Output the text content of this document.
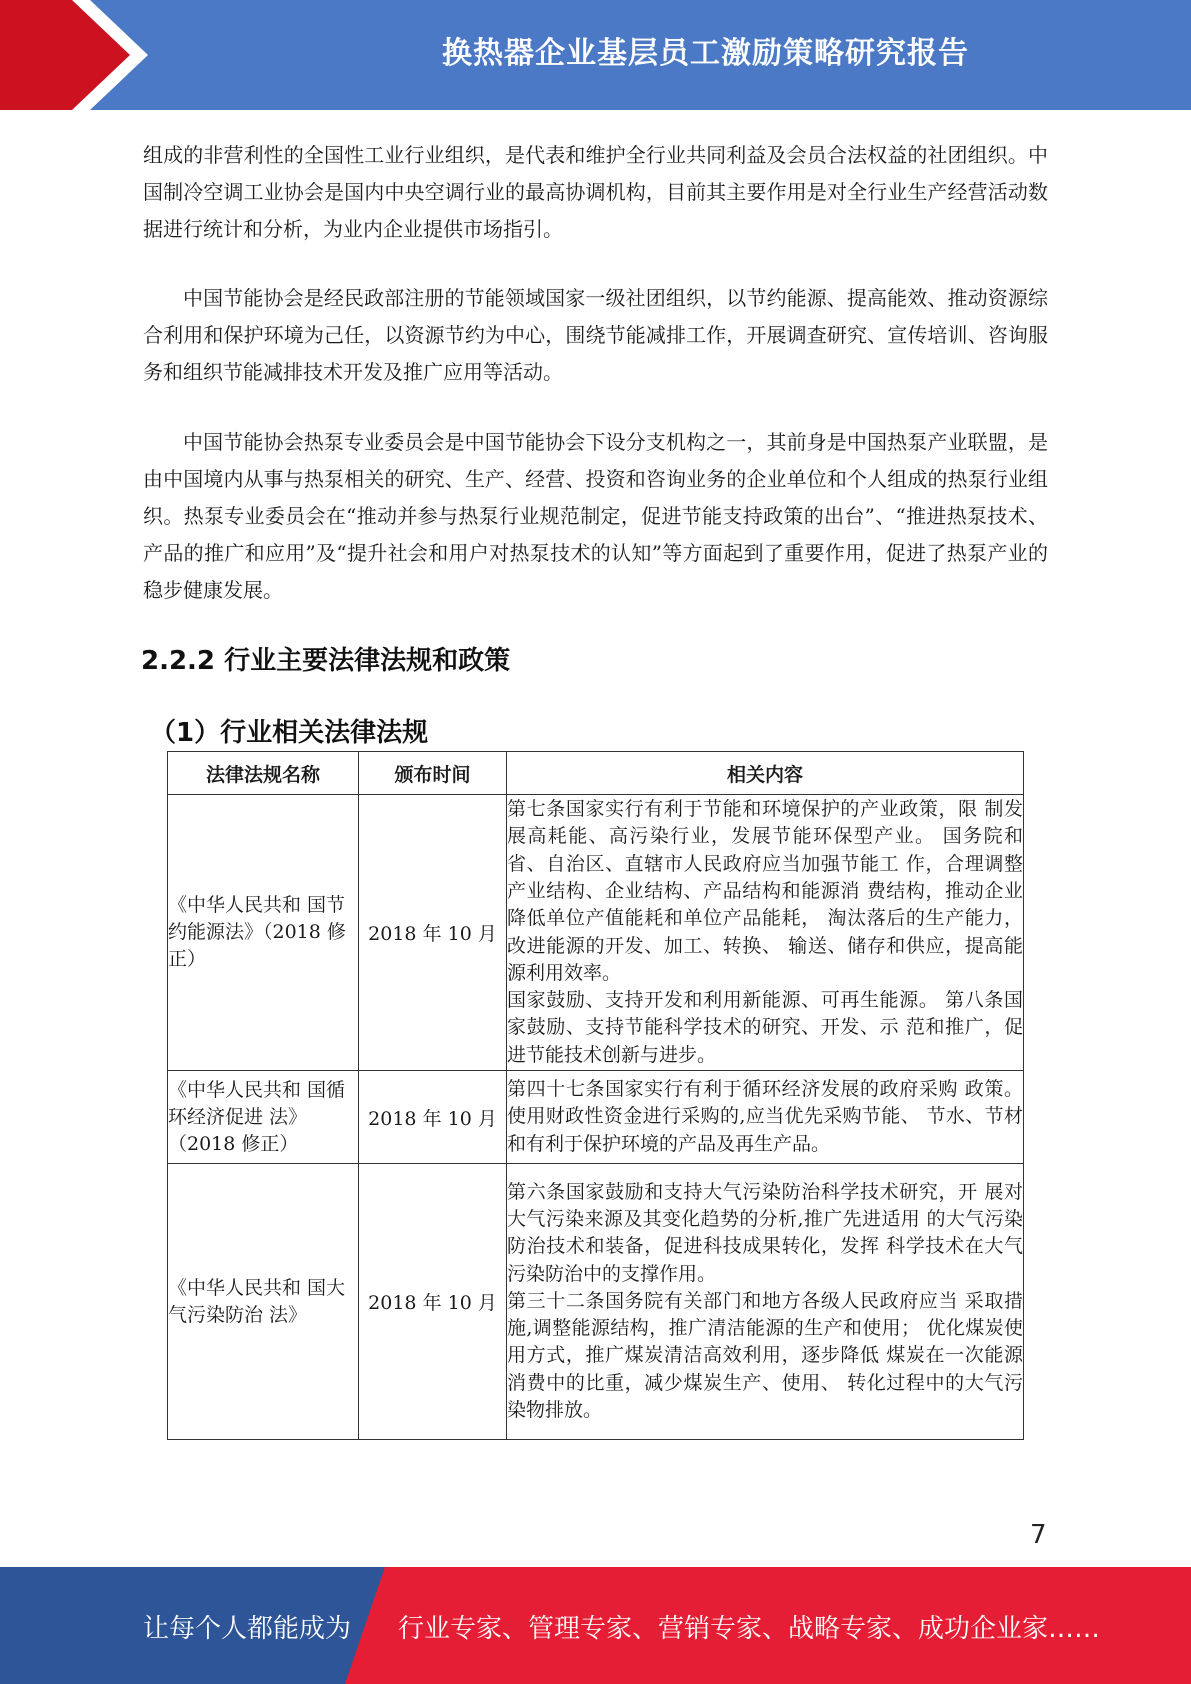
换热器企业基层员工激励策略研究报告

组成的非营利性的全国性工业行业组织，是代表和维护全行业共同利益及会员合法权益的社团组织。中国制冷空调工业协会是国内中央空调行业的最高协调机构，目前其主要作用是对全行业生产经营活动数据进行统计和分析，为业内企业提供市场指引。

中国节能协会是经民政部注册的节能领域国家一级社团组织，以节约能源、提高能效、推动资源综合利用和保护环境为己任，以资源节约为中心，围绕节能减排工作，开展调查研究、宣传培训、咨询服务和组织节能减排技术开发及推广应用等活动。

中国节能协会热泵专业委员会是中国节能协会下设分支机构之一，其前身是中国热泵产业联盟，是由中国境内从事与热泵相关的研究、生产、经营、投资和咨询业务的企业单位和个人组成的热泵行业组织。热泵专业委员会在“推动并参与热泵行业规范制定，促进节能支持政策的出台”、“推进热泵技术、产品的推广和应用”及“提升社会和用户对热泵技术的认知”等方面起到了重要作用，促进了热泵产业的稳步健康发展。

2.2.2 行业主要法律法规和政策
（1）行业相关法律法规
法律法规名称	颁布时间	相关内容
《中华人民共和 国节约能源法》（2018 修正）	2018 年 10 月	第七条国家实行有利于节能和环境保护的产业政策，限 制发展高耗能、高污染行业，发展节能环保型产业。 国务院和省、自治区、直辖市人民政府应当加强节能工 作，合理调整产业结构、企业结构、产品结构和能源消 费结构，推动企业降低单位产值能耗和单位产品能耗， 淘汰落后的生产能力，改进能源的开发、加工、转换、 输送、储存和供应，提高能源利用效率。

国家鼓励、支持开发和利用新能源、可再生能源。 第八条国家鼓励、支持节能科学技术的研究、开发、示 范和推广，促进节能技术创新与进步。

《中华人民共和 国循环经济促进 法》（2018 修正）	2018 年 10 月	第四十七条国家实行有利于循环经济发展的政府采购 政策。使用财政性资金进行采购的,应当优先采购节能、 节水、节材和有利于保护环境的产品及再生产品。

《中华人民共和 国大气污染防治 法》	2018 年 10 月	第六条国家鼓励和支持大气污染防治科学技术研究，开 展对大气污染来源及其变化趋势的分析,推广先进适用 的大气污染防治技术和装备，促进科技成果转化，发挥 科学技术在大气污染防治中的支撑作用。

第三十二条国务院有关部门和地方各级人民政府应当 采取措施,调整能源结构，推广清洁能源的生产和使用； 优化煤炭使用方式，推广煤炭清洁高效利用，逐步降低 煤炭在一次能源消费中的比重，减少煤炭生产、使用、 转化过程中的大气污染物排放。

7
让每个人都能成为 行业专家、管理专家、营销专家、战略专家、成功企业家……
